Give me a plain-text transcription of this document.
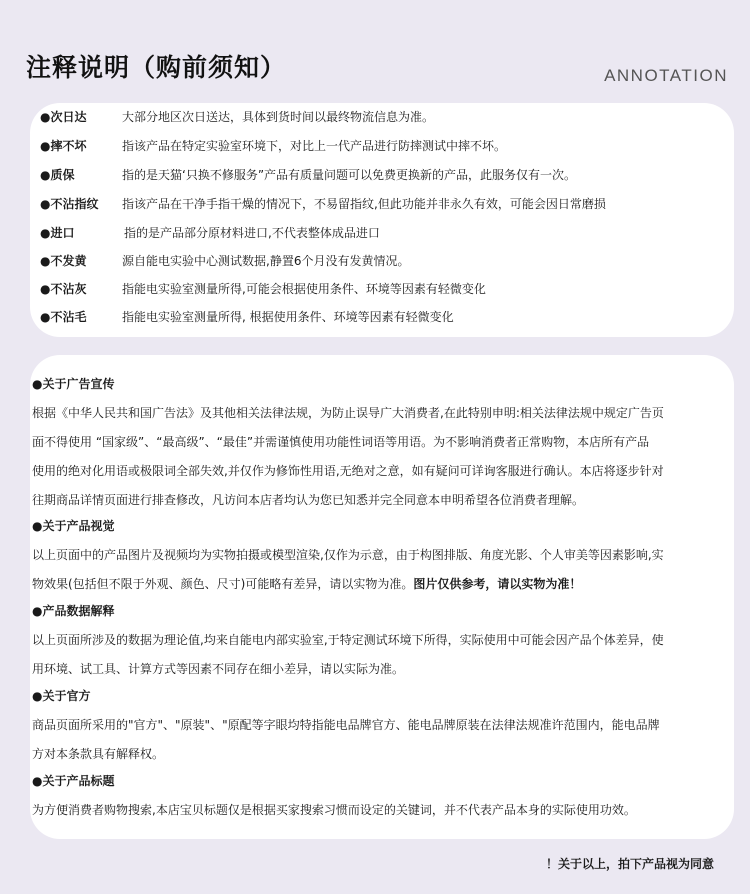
注释说明（购前须知）	ANNOTATION
●次日达	大部分地区次日送达，具体到货时间以最终物流信息为准。
●摔不坏	指该产品在特定实验室环境下，对比上一代产品进行防摔测试中摔不坏。
●质保	指的是天猫‘只换不修服务”产品有质量问题可以免费更换新的产品，此服务仅有一次。
●不沾指纹 指该产品在干净手指干燥的情况下，不易留指纹,但此功能并非永久有效，可能会因日常磨损
●进口	指的是产品部分原材料进口,不代表整体成品进口
●不发黄	源自能电实验中心测试数据,静置6个月没有发黄情况。
●不沾灰	指能电实验室测量所得,可能会根据使用条件、环境等因素有轻微变化
●不沾毛	指能电实验室测量所得, 根据使用条件、环境等因素有轻微变化
●关于广告宣传
根据《中华人民共和国广告法》及其他相关法律法规，为防止误导广大消费者,在此特别申明:相关法律法规中规定广告页
面不得使用 “国家级”、“最高级”、“最佳”并需谨慎使用功能性词语等用语。为不影响消费者正常购物，本店所有产品
使用的绝对化用语或极限词全部失效,并仅作为修饰性用语,无绝对之意，如有疑问可详询客服进行确认。本店将逐步针对
往期商品详情页面进行排查修改，凡访问本店者均认为您已知悉并完全同意本申明希望各位消费者理解。
●关于产品视觉
以上页面中的产品图片及视频均为实物拍摄或模型渲染,仅作为示意，由于构图排版、角度光影、个人审美等因素影响,实
物效果(包括但不限于外观、颜色、尺寸)可能略有差异，请以实物为准。图片仅供参考，请以实物为准！
●产品数据解释
以上页面所涉及的数据为理论值,均来自能电内部实验室,于特定测试环境下所得，实际使用中可能会因产品个体差异，使
用环境、试工具、计算方式等因素不同存在细小差异，请以实际为准。
●关于官方
商品页面所采用的"官方"、"原装"、"原配等字眼均特指能电品牌官方、能电品牌原装在法律法规准许范围内，能电品牌
方对本条款具有解释权。
●关于产品标题
为方便消费者购物搜索,本店宝贝标题仅是根据买家搜索习惯而设定的关键词，并不代表产品本身的实际使用功效。
！关于以上，拍下产品视为同意
